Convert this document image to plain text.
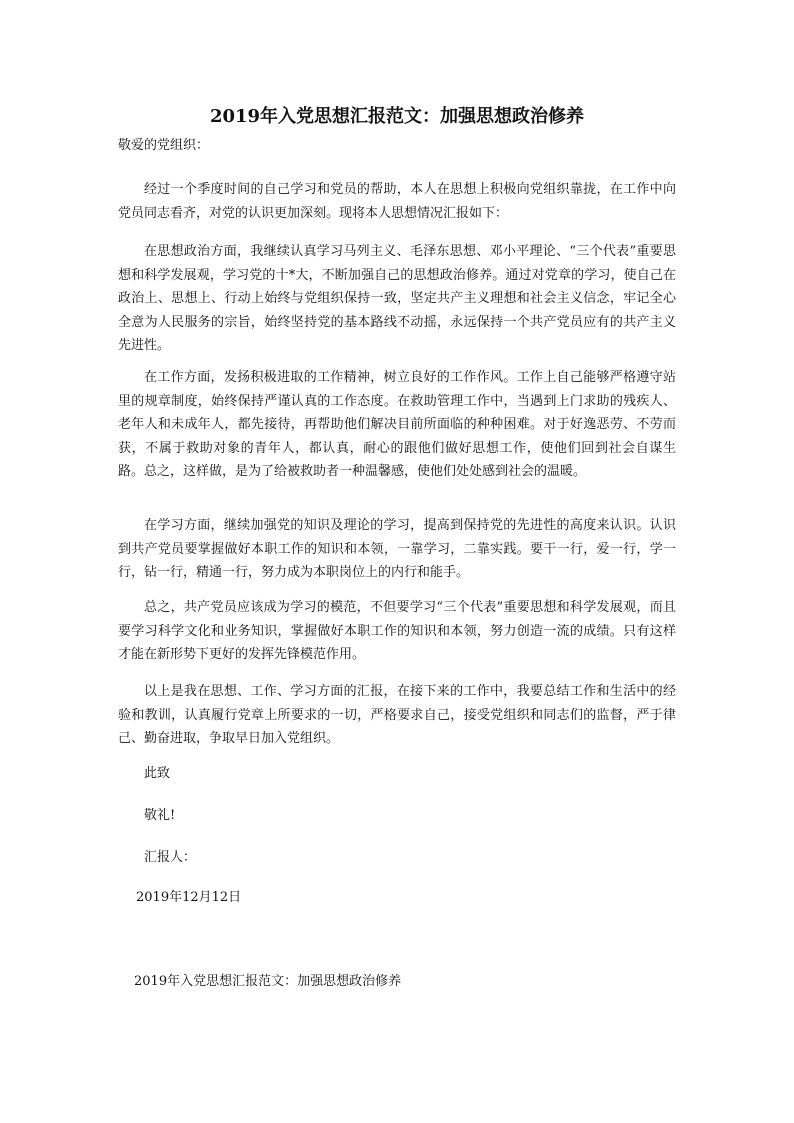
2019年入党思想汇报范文：加强思想政治修养

敬爱的党组织：

经过一个季度时间的自己学习和党员的帮助，本人在思想上积极向党组织靠拢，在工作中向党员同志看齐，对党的认识更加深刻。现将本人思想情况汇报如下：

在思想政治方面，我继续认真学习马列主义、毛泽东思想、邓小平理论、“三个代表”重要思想和科学发展观，学习党的十*大，不断加强自己的思想政治修养。通过对党章的学习，使自己在政治上、思想上、行动上始终与党组织保持一致，坚定共产主义理想和社会主义信念，牢记全心全意为人民服务的宗旨，始终坚持党的基本路线不动摇，永远保持一个共产党员应有的共产主义先进性。

在工作方面，发扬积极进取的工作精神，树立良好的工作作风。工作上自己能够严格遵守站里的规章制度，始终保持严谨认真的工作态度。在救助管理工作中，当遇到上门求助的残疾人、老年人和未成年人，都先接待，再帮助他们解决目前所面临的种种困难。对于好逸恶劳、不劳而获，不属于救助对象的青年人，都认真，耐心的跟他们做好思想工作，使他们回到社会自谋生路。总之，这样做，是为了给被救助者一种温馨感，使他们处处感到社会的温暖。

在学习方面，继续加强党的知识及理论的学习，提高到保持党的先进性的高度来认识。认识到共产党员要掌握做好本职工作的知识和本领，一靠学习，二靠实践。要干一行，爱一行，学一行，钻一行，精通一行，努力成为本职岗位上的内行和能手。

总之，共产党员应该成为学习的模范，不但要学习“三个代表”重要思想和科学发展观，而且要学习科学文化和业务知识，掌握做好本职工作的知识和本领，努力创造一流的成绩。只有这样才能在新形势下更好的发挥先锋模范作用。

以上是我在思想、工作、学习方面的汇报，在接下来的工作中，我要总结工作和生活中的经验和教训，认真履行党章上所要求的一切，严格要求自己，接受党组织和同志们的监督，严于律己、勤奋进取，争取早日加入党组织。

此致

敬礼!

汇报人：

2019年12月12日

2019年入党思想汇报范文：加强思想政治修养
